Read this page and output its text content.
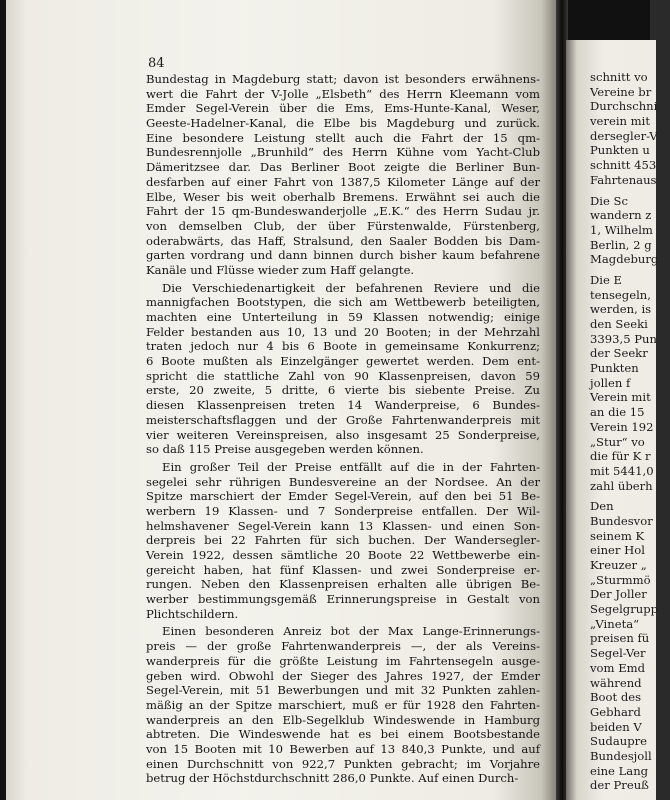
84
Bundestag in Magdeburg statt; davon ist besonders erwähnens-
wert die Fahrt der V-Jolle „Elsbeth“ des Herrn Kleemann vom
Emder Segel-Verein über die Ems, Ems-Hunte-Kanal, Weser,
Geeste-Hadelner-Kanal, die Elbe bis Magdeburg und zurück.
Eine besondere Leistung stellt auch die Fahrt der 15 qm-
Bundesrennjolle „Brunhild“ des Herrn Kühne vom Yacht-Club
Dämeritzsee dar. Das Berliner Boot zeigte die Berliner Bun-
desfarben auf einer Fahrt von 1387,5 Kilometer Länge auf der
Elbe, Weser bis weit oberhalb Bremens. Erwähnt sei auch die
Fahrt der 15 qm-Bundeswanderjolle „E.K.“ des Herrn Sudau jr.
von demselben Club, der über Fürstenwalde, Fürstenberg,
oderabwärts, das Haff, Stralsund, den Saaler Bodden bis Dam-
garten vordrang und dann binnen durch bisher kaum befahrene
Kanäle und Flüsse wieder zum Haff gelangte.
Die Verschiedenartigkeit der befahrenen Reviere und die
mannigfachen Bootstypen, die sich am Wettbewerb beteiligten,
machten eine Unterteilung in 59 Klassen notwendig; einige
Felder bestanden aus 10, 13 und 20 Booten; in der Mehrzahl
traten jedoch nur 4 bis 6 Boote in gemeinsame Konkurrenz;
6 Boote mußten als Einzelgänger gewertet werden. Dem ent-
spricht die stattliche Zahl von 90 Klassenpreisen, davon 59
erste, 20 zweite, 5 dritte, 6 vierte bis siebente Preise. Zu
diesen Klassenpreisen treten 14 Wanderpreise, 6 Bundes-
meisterschaftsflaggen und der Große Fahrtenwanderpreis mit
vier weiteren Vereinspreisen, also insgesamt 25 Sonderpreise,
so daß 115 Preise ausgegeben werden können.
Ein großer Teil der Preise entfällt auf die in der Fahrten-
segelei sehr rührigen Bundesvereine an der Nordsee. An der
Spitze marschiert der Emder Segel-Verein, auf den bei 51 Be-
werbern 19 Klassen- und 7 Sonderpreise entfallen. Der Wil-
helmshavener Segel-Verein kann 13 Klassen- und einen Son-
derpreis bei 22 Fahrten für sich buchen. Der Wandersegler-
Verein 1922, dessen sämtliche 20 Boote 22 Wettbewerbe ein-
gereicht haben, hat fünf Klassen- und zwei Sonderpreise er-
rungen. Neben den Klassenpreisen erhalten alle übrigen Be-
werber bestimmungsgemäß Erinnerungspreise in Gestalt von
Plichtschildern.
Einen besonderen Anreiz bot der Max Lange-Erinnerungs-
preis — der große Fahrtenwanderpreis —, der als Vereins-
wanderpreis für die größte Leistung im Fahrtensegeln ausge-
geben wird. Obwohl der Sieger des Jahres 1927, der Emder
Segel-Verein, mit 51 Bewerbungen und mit 32 Punkten zahlen-
mäßig an der Spitze marschiert, muß er für 1928 den Fahrten-
wanderpreis an den Elb-Segelklub Windeswende in Hamburg
abtreten. Die Windeswende hat es bei einem Bootsbestande
von 15 Booten mit 10 Bewerben auf 13 840,3 Punkte, und auf
einen Durchschnitt von 922,7 Punkten gebracht; im Vorjahre
betrug der Höchstdurchschnitt 286,0 Punkte. Auf einen Durch-
schnitt vo
Vereine br
Durchschni
verein mit
dersegler-V
Punkten u
schnitt 453
Fahrtenaus
Die Sc
wandern z
1, Wilhelm
Berlin, 2 g
Magdeburg
Die E
tensegeln,
werden, is
den Seeki
3393,5 Pun
der Seekr
Punkten
jollen f
Verein mit
an die 15
Verein 192
„Stur“ vo
die für K r
mit 5441,0
zahl überh
Den
Bundesvor
seinem K
einer Hol
Kreuzer „
„Sturmmö
Der Joller
Segelgrupp
„Vineta“
preisen fü
Segel-Ver
vom Emd
während
Boot des
Gebhard
beiden V
Sudaupre
Bundesjoll
eine Lang
der Preuß
